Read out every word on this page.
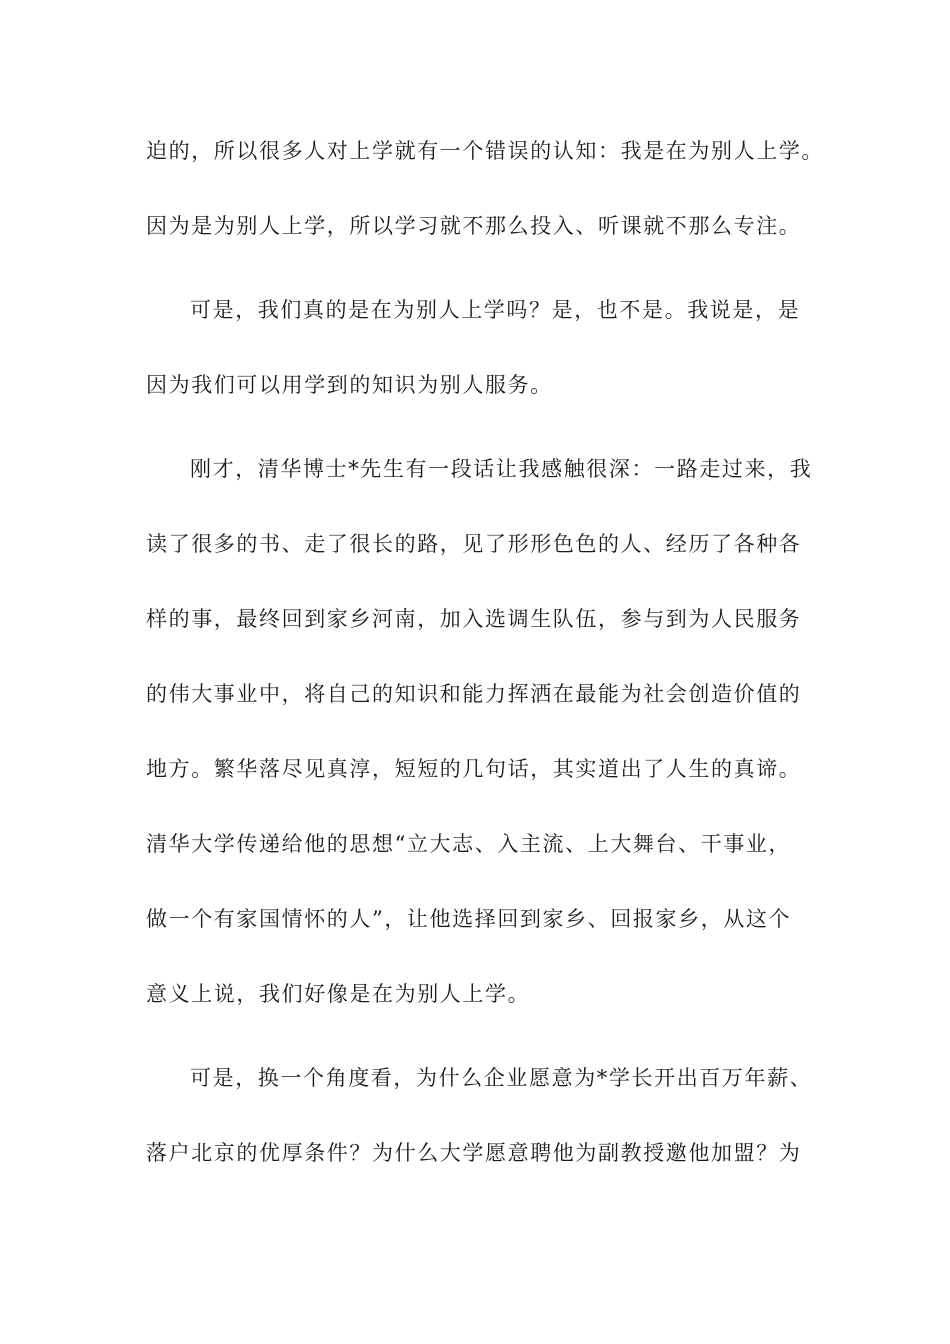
迫的，所以很多人对上学就有一个错误的认知：我是在为别人上学。

因为是为别人上学，所以学习就不那么投入、听课就不那么专注。

可是，我们真的是在为别人上学吗？是，也不是。我说是，是

因为我们可以用学到的知识为别人服务。

刚才，清华博士*先生有一段话让我感触很深：一路走过来，我

读了很多的书、走了很长的路，见了形形色色的人、经历了各种各

样的事，最终回到家乡河南，加入选调生队伍，参与到为人民服务

的伟大事业中，将自己的知识和能力挥洒在最能为社会创造价值的

地方。繁华落尽见真淳，短短的几句话，其实道出了人生的真谛。

清华大学传递给他的思想“立大志、入主流、上大舞台、干事业，

做一个有家国情怀的人”，让他选择回到家乡、回报家乡，从这个

意义上说，我们好像是在为别人上学。

可是，换一个角度看，为什么企业愿意为*学长开出百万年薪、

落户北京的优厚条件？为什么大学愿意聘他为副教授邀他加盟？为
